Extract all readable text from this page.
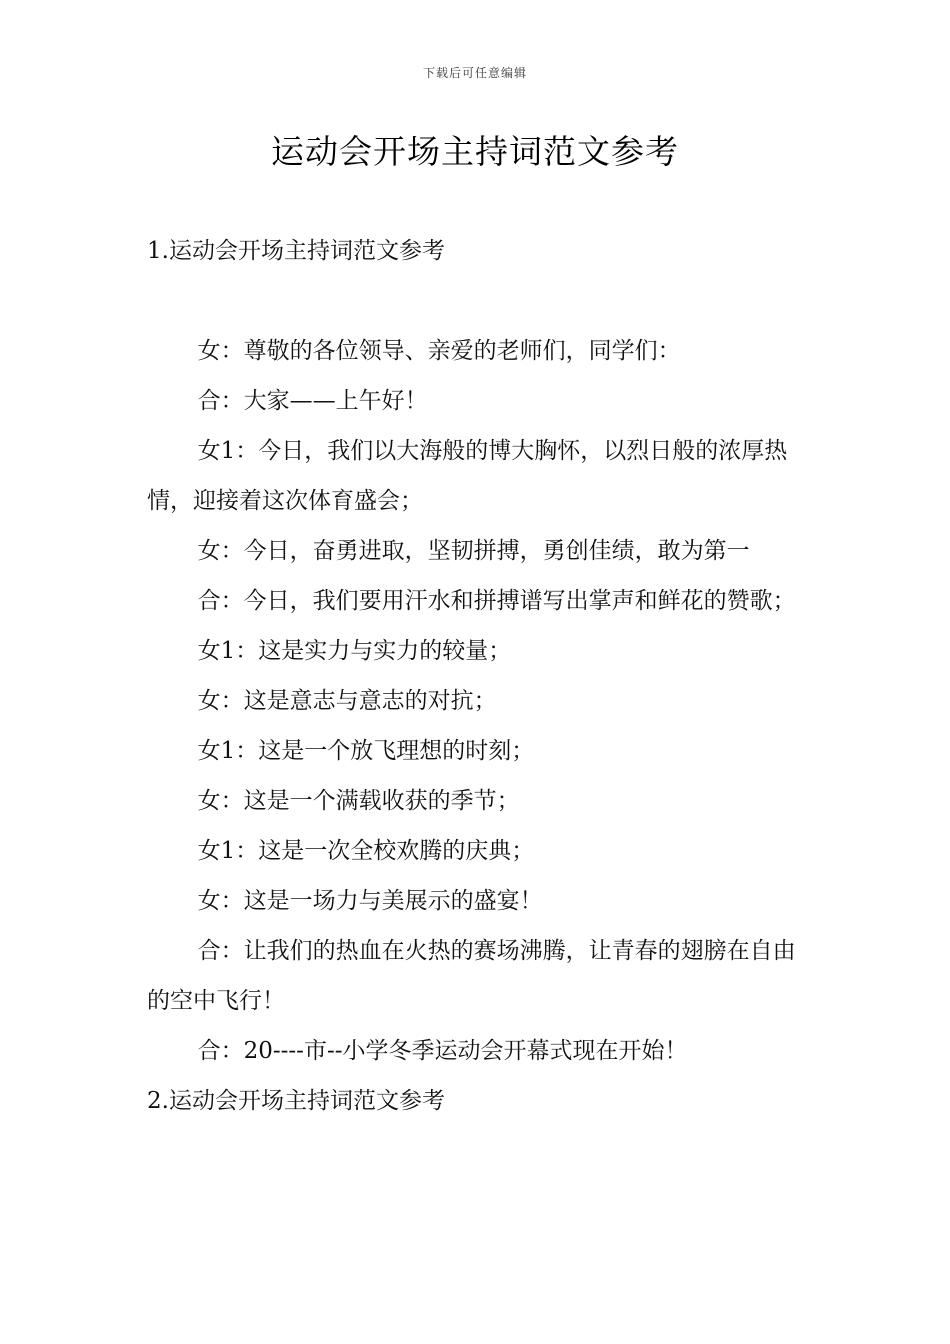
下载后可任意编辑
运动会开场主持词范文参考

1.运动会开场主持词范文参考

女：尊敬的各位领导、亲爱的老师们，同学们：

合：大家——上午好！

女1：今日，我们以大海般的博大胸怀，以烈日般的浓厚热情，迎接着这次体育盛会；

女：今日，奋勇进取，坚韧拼搏，勇创佳绩，敢为第一

合：今日，我们要用汗水和拼搏谱写出掌声和鲜花的赞歌；

女1：这是实力与实力的较量；

女：这是意志与意志的对抗；

女1：这是一个放飞理想的时刻；

女：这是一个满载收获的季节；

女1：这是一次全校欢腾的庆典；

女：这是一场力与美展示的盛宴！

合：让我们的热血在火热的赛场沸腾，让青春的翅膀在自由的空中飞行！

合：20----市--小学冬季运动会开幕式现在开始！

2.运动会开场主持词范文参考
